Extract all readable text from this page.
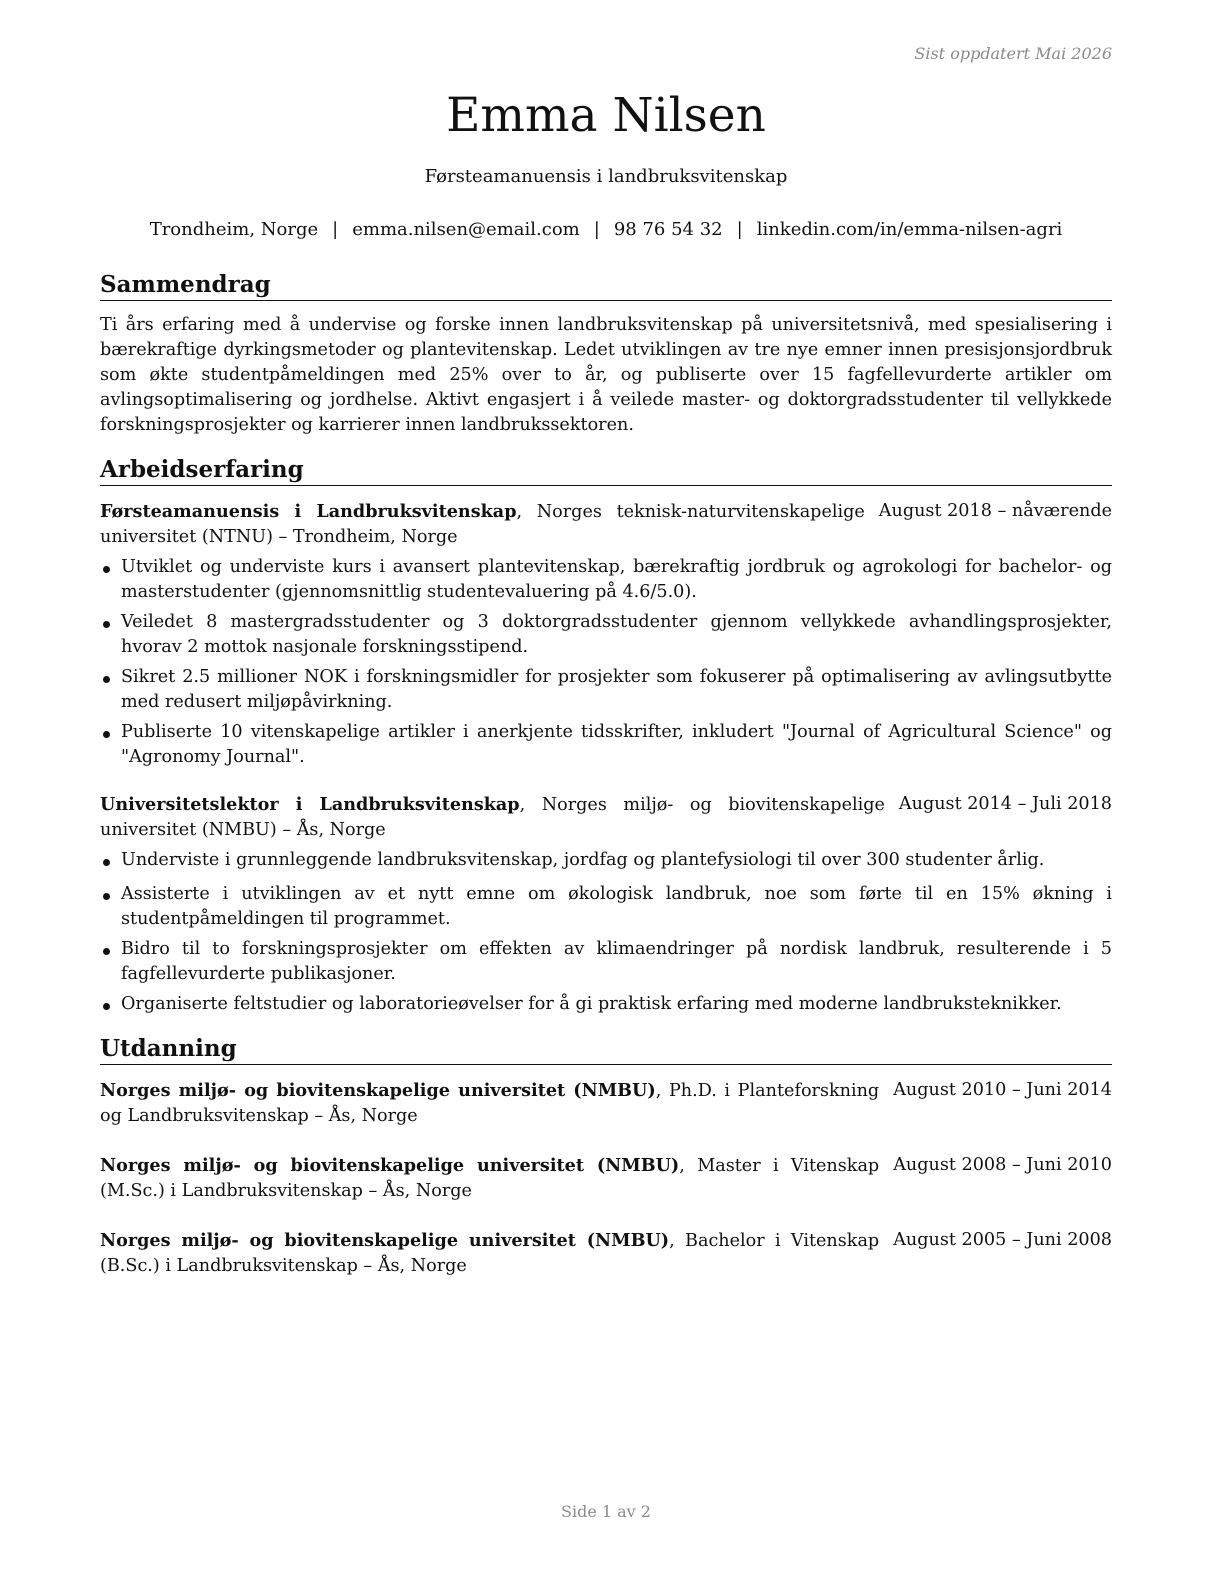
Sist oppdatert Mai 2026
Emma Nilsen
Førsteamanuensis i landbruksvitenskap
Trondheim, Norge | emma.nilsen@email.com | 98 76 54 32 | linkedin.com/in/emma-nilsen-agri
Sammendrag

Ti års erfaring med å undervise og forske innen landbruksvitenskap på universitetsnivå, med spesialisering i bærekraftige dyrkingsmetoder og plantevitenskap. Ledet utviklingen av tre nye emner innen presisjonsjordbruk som økte studentpåmeldingen med 25% over to år, og publiserte over 15 fagfellevurderte artikler om avlingsoptimalisering og jordhelse. Aktivt engasjert i å veilede master- og doktorgradsstudenter til vellykkede forskningsprosjekter og karrierer innen landbrukssektoren.

Arbeidserfaring
August 2018 – nåværende
Førsteamanuensis i Landbruksvitenskap, Norges teknisk-naturvitenskapelige universitet (NTNU) – Trondheim, Norge
Utviklet og underviste kurs i avansert plantevitenskap, bærekraftig jordbruk og agrokologi for bachelor- og masterstudenter (gjennomsnittlig studentevaluering på 4.6/5.0).
Veiledet 8 mastergradsstudenter og 3 doktorgradsstudenter gjennom vellykkede avhandlingsprosjekter, hvorav 2 mottok nasjonale forskningsstipend.
Sikret 2.5 millioner NOK i forskningsmidler for prosjekter som fokuserer på optimalisering av avlingsutbytte med redusert miljøpåvirkning.
Publiserte 10 vitenskapelige artikler i anerkjente tidsskrifter, inkludert "Journal of Agricultural Science" og "Agronomy Journal".
August 2014 – Juli 2018
Universitetslektor i Landbruksvitenskap, Norges miljø- og biovitenskapelige universitet (NMBU) – Ås, Norge
Underviste i grunnleggende landbruksvitenskap, jordfag og plantefysiologi til over 300 studenter årlig.
Assisterte i utviklingen av et nytt emne om økologisk landbruk, noe som førte til en 15% økning i studentpåmeldingen til programmet.
Bidro til to forskningsprosjekter om effekten av klimaendringer på nordisk landbruk, resulterende i 5 fagfellevurderte publikasjoner.
Organiserte feltstudier og laboratorieøvelser for å gi praktisk erfaring med moderne landbruksteknikker.
Utdanning
August 2010 – Juni 2014
Norges miljø- og biovitenskapelige universitet (NMBU), Ph.D. i Planteforskning og Landbruksvitenskap – Ås, Norge
August 2008 – Juni 2010
Norges miljø- og biovitenskapelige universitet (NMBU), Master i Vitenskap (M.Sc.) i Landbruksvitenskap – Ås, Norge
August 2005 – Juni 2008
Norges miljø- og biovitenskapelige universitet (NMBU), Bachelor i Vitenskap (B.Sc.) i Landbruksvitenskap – Ås, Norge
Side 1 av 2
